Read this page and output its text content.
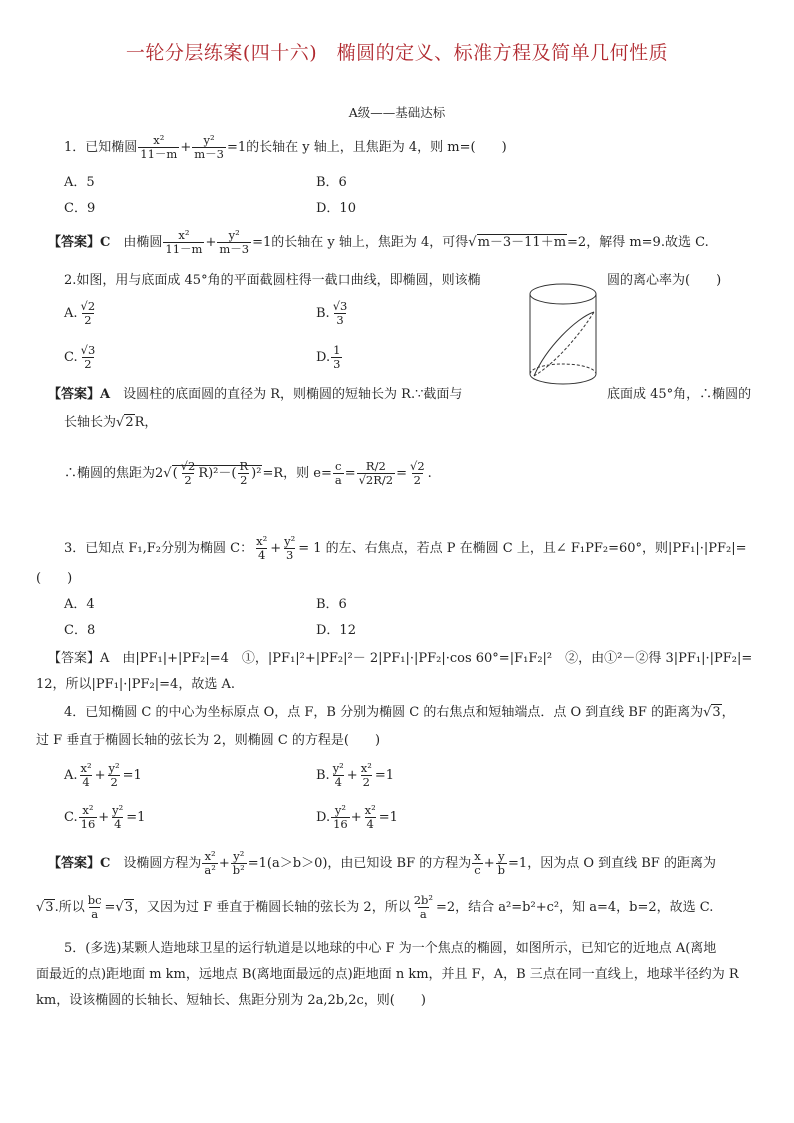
一轮分层练案(四十六)　椭圆的定义、标准方程及简单几何性质
A级——基础达标
1．已知椭圆 $\frac{\text{x²}}{11-m} + \frac{\text{y²}}{m-3} =1$的长轴在 y 轴上，且焦距为 4，则 m=(　　)
A．5	B．6
C．9	D．10
【答案】C　 由椭圆 $\frac{\text{x²}}{11-m} + \frac{\text{y²}}{m-3} =1$的长轴在 y 轴上，焦距为 4，可得√m－3－11＋m=2，解得 m=9.故选 C.
2.如图，用与底面成 45°角的平面截圆柱得一截口曲线，即椭圆，则该椭	圆的离心率为(　　)
A. $\frac{√2}{2}$	B. $\frac{√3}{3}$
C. $\frac{√3}{2}$	D. $\frac{1}{3}$
【答案】A　 设圆柱的底面圆的直径为 R，则椭圆的短轴长为 R.∵截面与	底面成 45°角，∴椭圆的
长轴长为√2R，
∴椭圆的焦距为$2√( \frac{√2}{2} R)^2-( \frac{R}{2} )^2=R$，则 $e= \frac{c}{a} = \frac{R/2}{√2R/2} = \frac{√2}{2}$ .
3．已知点 F₁,F₂分别为椭圆 C： $\frac{\text{x²}}{4} + \frac{\text{y²}}{3} = 1$ 的左、右焦点，若点 P 在椭圆 C 上，且∠ F₁PF₂=60°，则|PF₁|·|PF₂|=
(　　)
A．4	B．6
C．8	D．12
【答案】A　由|PF₁|+|PF₂|=4　①，|PF₁|²+|PF₂|²－ 2|PF₁|·|PF₂|·cos 60°=|F₁F₂|²　②，由①²－②得 3|PF₁|·|PF₂|=
12，所以|PF₁|·|PF₂|=4，故选 A.
4．已知椭圆 C 的中心为坐标原点 O，点 F，B 分别为椭圆 C 的右焦点和短轴端点．点 O 到直线 BF 的距离为√3，
过 F 垂直于椭圆长轴的弦长为 2，则椭圆 C 的方程是(　　)
A. $\frac{\text{x²}}{4} + \frac{\text{y²}}{2} =1$	B. $\frac{\text{y²}}{4} + \frac{\text{x²}}{2} =1$
C. $\frac{\text{x²}}{16} + \frac{\text{y²}}{4} =1$	D. $\frac{\text{y²}}{16} + \frac{\text{x²}}{4} =1$
【答案】C　 设椭圆方程为 $\frac{\text{x²}}{\text{a²}} + \frac{\text{y²}}{\text{b²}} =1(a>b>0)$，由已知设 BF 的方程为 $\frac{x}{c} + \frac{y}{b} =1$，因为点 O 到直线 BF 的距离为
√3.所以 $\frac{bc}{a} =√3$，又因为过 F 垂直于椭圆长轴的弦长为 2，所以 $\frac{\text{2b²}}{a} =2$，结合 a²=b²+c²，知 a=4，b=2，故选 C.
5．(多选)某颗人造地球卫星的运行轨道是以地球的中心 F 为一个焦点的椭圆，如图所示，已知它的近地点 A(离地
面最近的点)距地面 m km，远地点 B(离地面最远的点)距地面 n km，并且 F，A，B 三点在同一直线上，地球半径约为 R
km，设该椭圆的长轴长、短轴长、焦距分别为 2a,2b,2c，则(　　)
